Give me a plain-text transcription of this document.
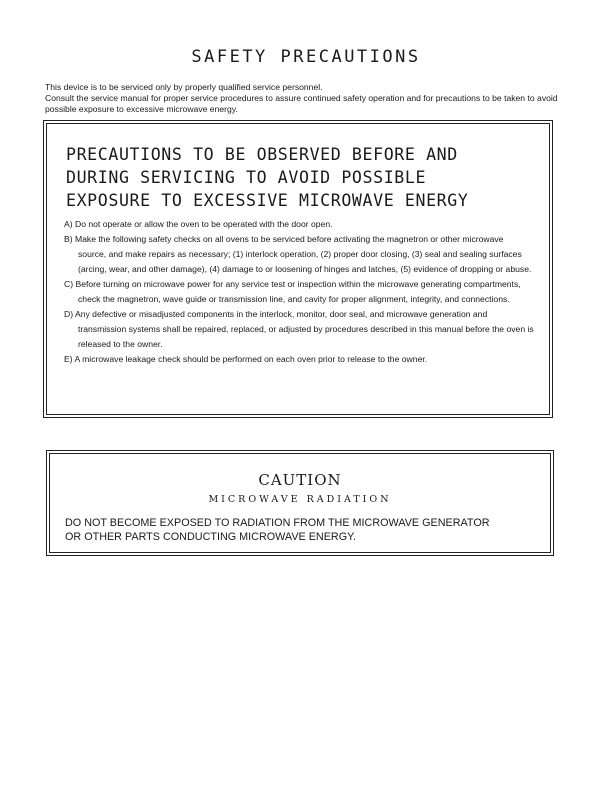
SAFETY PRECAUTIONS

This device is to be serviced only by properly qualified service personnel.

Consult the service manual for proper service procedures to assure continued safety operation and for precautions to be taken to avoid possible exposure to excessive microwave energy.

PRECAUTIONS TO BE OBSERVED BEFORE AND
DURING SERVICING TO AVOID POSSIBLE
EXPOSURE TO EXCESSIVE MICROWAVE ENERGY
A) Do not operate or allow the oven to be operated with the door open.
B) Make the following safety checks on all ovens to be serviced before activating the magnetron or other microwave source, and make repairs as necessary; (1) interlock operation, (2) proper door closing, (3) seal and sealing surfaces (arcing, wear, and other damage), (4) damage to or loosening of hinges and latches, (5) evidence of dropping or abuse.
C) Before turning on microwave power for any service test or inspection within the microwave generating compartments, check the magnetron, wave guide or transmission line, and cavity for proper alignment, integrity, and connections.
D) Any defective or misadjusted components in the interlock, monitor, door seal, and microwave generation and transmission systems shall be repaired, replaced, or adjusted by procedures described in this manual before the oven is released to the owner.
E) A microwave leakage check should be performed on each oven prior to release to the owner.
CAUTION
MICROWAVE RADIATION
DO NOT BECOME EXPOSED TO RADIATION FROM THE MICROWAVE GENERATOR
OR OTHER PARTS CONDUCTING MICROWAVE ENERGY.
